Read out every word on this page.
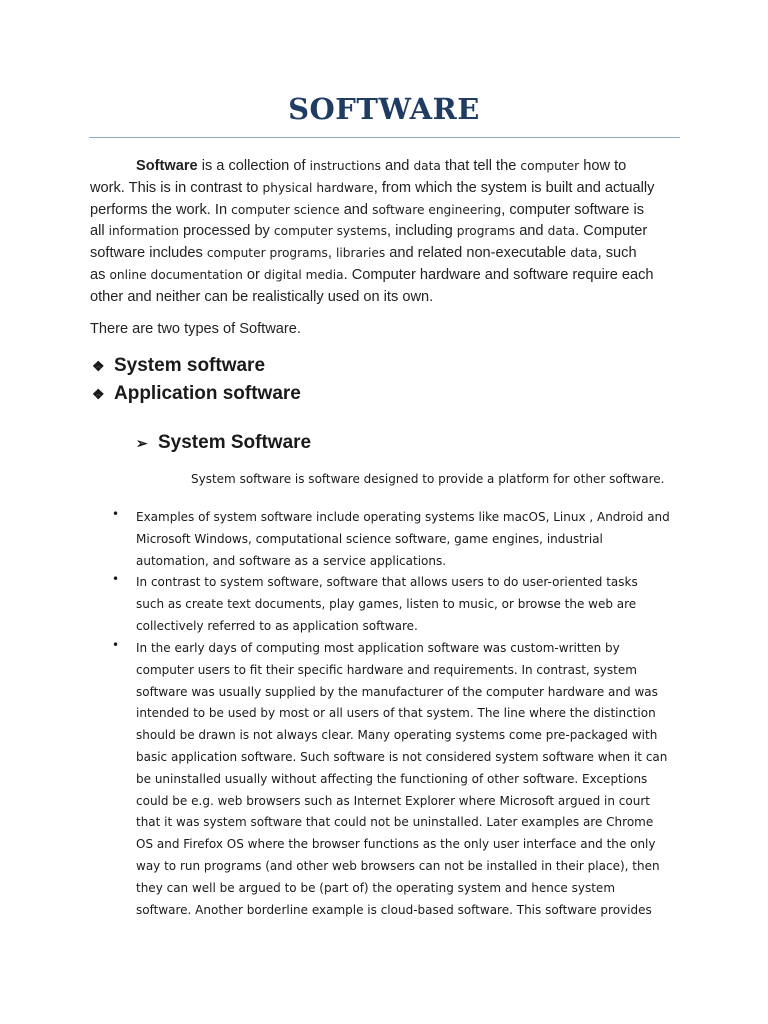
SOFTWARE
Software is a collection of instructions and data that tell the computer how to
work. This is in contrast to physical hardware, from which the system is built and actually
performs the work. In computer science and software engineering, computer software is
all information processed by computer systems, including programs and data. Computer
software includes computer programs, libraries and related non-executable data, such
as online documentation or digital media. Computer hardware and software require each
other and neither can be realistically used on its own.
There are two types of Software.
❖ System software
❖ Application software
➢ System Software
System software is software designed to provide a platform for other software.
• Examples of system software include operating systems like macOS, Linux , Android and
Microsoft Windows, computational science software, game engines, industrial
automation, and software as a service applications.
• In contrast to system software, software that allows users to do user-oriented tasks
such as create text documents, play games, listen to music, or browse the web are
collectively referred to as application software.
• In the early days of computing most application software was custom-written by
computer users to fit their specific hardware and requirements. In contrast, system
software was usually supplied by the manufacturer of the computer hardware and was
intended to be used by most or all users of that system. The line where the distinction
should be drawn is not always clear. Many operating systems come pre-packaged with
basic application software. Such software is not considered system software when it can
be uninstalled usually without affecting the functioning of other software. Exceptions
could be e.g. web browsers such as Internet Explorer where Microsoft argued in court
that it was system software that could not be uninstalled. Later examples are Chrome
OS and Firefox OS where the browser functions as the only user interface and the only
way to run programs (and other web browsers can not be installed in their place), then
they can well be argued to be (part of) the operating system and hence system
software. Another borderline example is cloud-based software. This software provides
